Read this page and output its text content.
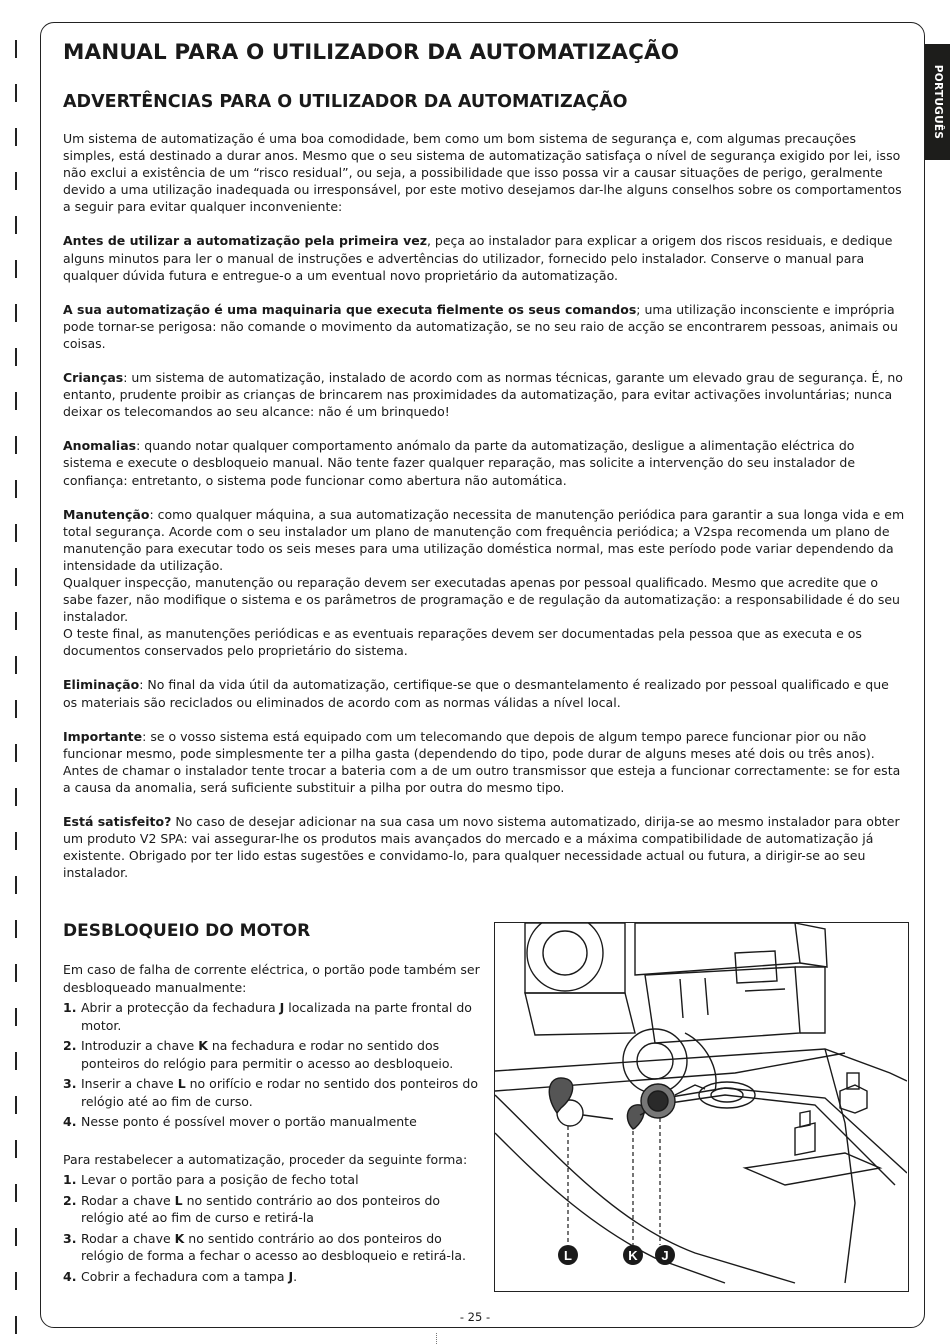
PORTUGUÊS
MANUAL PARA O UTILIZADOR DA AUTOMATIZAÇÃO
ADVERTÊNCIAS PARA O UTILIZADOR DA AUTOMATIZAÇÃO

Um sistema de automatização é uma boa comodidade, bem como um bom sistema de segurança e, com algumas precauções simples, está destinado a durar anos. Mesmo que o seu sistema de automatização satisfaça o nível de segurança exigido por lei, isso não exclui a existência de um “risco residual”, ou seja, a possibilidade que isso possa vir a causar situações de perigo, geralmente devido a uma utilização inadequada ou irresponsável, por este motivo desejamos dar-lhe alguns conselhos sobre os comportamentos a seguir para evitar qualquer inconveniente:

Antes de utilizar a automatização pela primeira vez, peça ao instalador para explicar a origem dos riscos residuais, e dedique alguns minutos para ler o manual de instruções e advertências do utilizador, fornecido pelo instalador. Conserve o manual para qualquer dúvida futura e entregue-o a um eventual novo proprietário da automatização.

A sua automatização é uma maquinaria que executa fielmente os seus comandos; uma utilização inconsciente e imprópria pode tornar-se perigosa: não comande o movimento da automatização, se no seu raio de acção se encontrarem pessoas, animais ou coisas.

Crianças: um sistema de automatização, instalado de acordo com as normas técnicas, garante um elevado grau de segurança. É, no entanto, prudente proibir as crianças de brincarem nas proximidades da automatização, para evitar activações involuntárias; nunca deixar os telecomandos ao seu alcance: não é um brinquedo!

Anomalias: quando notar qualquer comportamento anómalo da parte da automatização, desligue a alimentação eléctrica do sistema e execute o desbloqueio manual. Não tente fazer qualquer reparação, mas solicite a intervenção do seu instalador de confiança: entretanto, o sistema pode funcionar como abertura não automática.

Manutenção: como qualquer máquina, a sua automatização necessita de manutenção periódica para garantir a sua longa vida e em total segurança. Acorde com o seu instalador um plano de manutenção com frequência periódica; a V2spa recomenda um plano de manutenção para executar todo os seis meses para uma utilização doméstica normal, mas este período pode variar dependendo da intensidade da utilização.

Qualquer inspecção, manutenção ou reparação devem ser executadas apenas por pessoal qualificado. Mesmo que acredite que o sabe fazer, não modifique o sistema e os parâmetros de programação e de regulação da automatização: a responsabilidade é do seu instalador.

O teste final, as manutenções periódicas e as eventuais reparações devem ser documentadas pela pessoa que as executa e os documentos conservados pelo proprietário do sistema.

Eliminação: No final da vida útil da automatização, certifique-se que o desmantelamento é realizado por pessoal qualificado e que os materiais são reciclados ou eliminados de acordo com as normas válidas a nível local.

Importante: se o vosso sistema está equipado com um telecomando que depois de algum tempo parece funcionar pior ou não funcionar mesmo, pode simplesmente ter a pilha gasta (dependendo do tipo, pode durar de alguns meses até dois ou três anos).

Antes de chamar o instalador tente trocar a bateria com a de um outro transmissor que esteja a funcionar correctamente: se for esta a causa da anomalia, será suficiente substituir a pilha por outra do mesmo tipo.

Está satisfeito? No caso de desejar adicionar na sua casa um novo sistema automatizado, dirija-se ao mesmo instalador para obter um produto V2 SPA: vai assegurar-lhe os produtos mais avançados do mercado e a máxima compatibilidade de automatização já existente. Obrigado por ter lido estas sugestões e convidamo-lo, para qualquer necessidade actual ou futura, a dirigir-se ao seu instalador.

DESBLOQUEIO DO MOTOR

Em caso de falha de corrente eléctrica, o portão pode também ser desbloqueado manualmente:

1. Abrir a protecção da fechadura J localizada na parte frontal do motor.
2. Introduzir a chave K na fechadura e rodar no sentido dos ponteiros do relógio para permitir o acesso ao desbloqueio.
3. Inserir a chave L no orifício e rodar no sentido dos ponteiros do relógio até ao fim de curso.
4. Nesse ponto é possível mover o portão manualmente

Para restabelecer a automatização, proceder da seguinte forma:

1. Levar o portão para a posição de fecho total
2. Rodar a chave L no sentido contrário ao dos ponteiros do relógio até ao fim de curso e retirá-la
3. Rodar a chave K no sentido contrário ao dos ponteiros do relógio de forma a fechar o acesso ao desbloqueio e retirá-la.
4. Cobrir a fechadura com a tampa J.
L	K J
- 25 -
